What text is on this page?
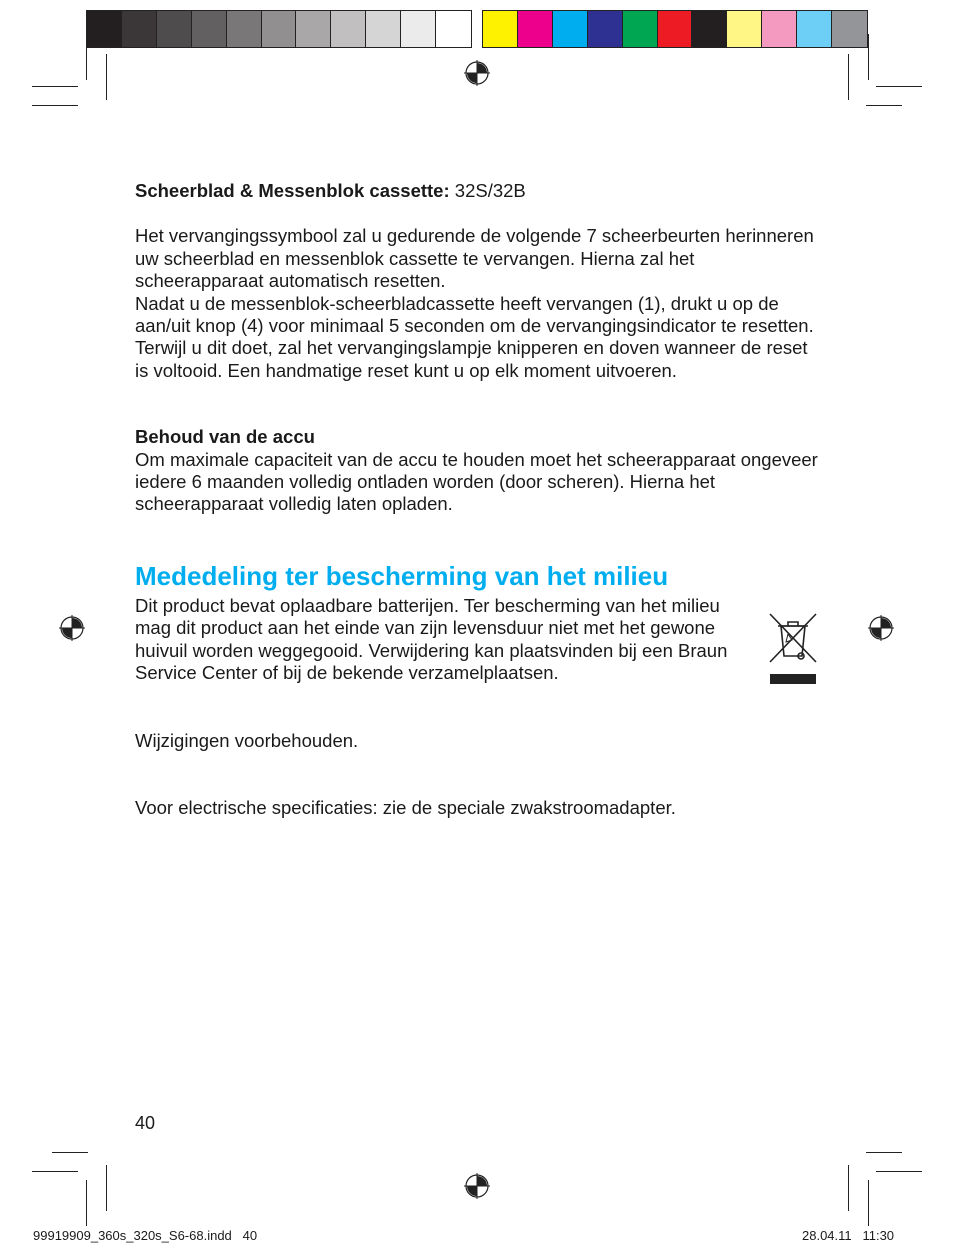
Scheerblad & Messenblok cassette: 32S/32B

Het vervangingssymbool zal u gedurende de volgende 7 scheerbeurten herinneren uw scheerblad en messenblok cassette te vervangen. Hierna zal het scheerapparaat automatisch resetten.

Nadat u de messenblok-scheerbladcassette heeft vervangen (1), drukt u op de aan/uit knop (4) voor minimaal 5 seconden om de vervangingsindicator te resetten.

Terwijl u dit doet, zal het vervangingslampje knipperen en doven wanneer de reset is voltooid. Een handmatige reset kunt u op elk moment uitvoeren.

Behoud van de accu

Om maximale capaciteit van de accu te houden moet het scheerapparaat ongeveer iedere 6 maanden volledig ontladen worden (door scheren). Hierna het scheerapparaat volledig laten opladen.

Mededeling ter bescherming van het milieu

Dit product bevat oplaadbare batterijen. Ter bescherming van het milieu mag dit product aan het einde van zijn levensduur niet met het gewone huivuil worden weggegooid. Verwijdering kan plaatsvinden bij een Braun Service Center of bij de bekende verzamelplaatsen.

Wijzigingen voorbehouden.

Voor electrische specificaties: zie de speciale zwakstroomadapter.

40
99919909_360s_320s_S6-68.indd   40	28.04.11   11:30
